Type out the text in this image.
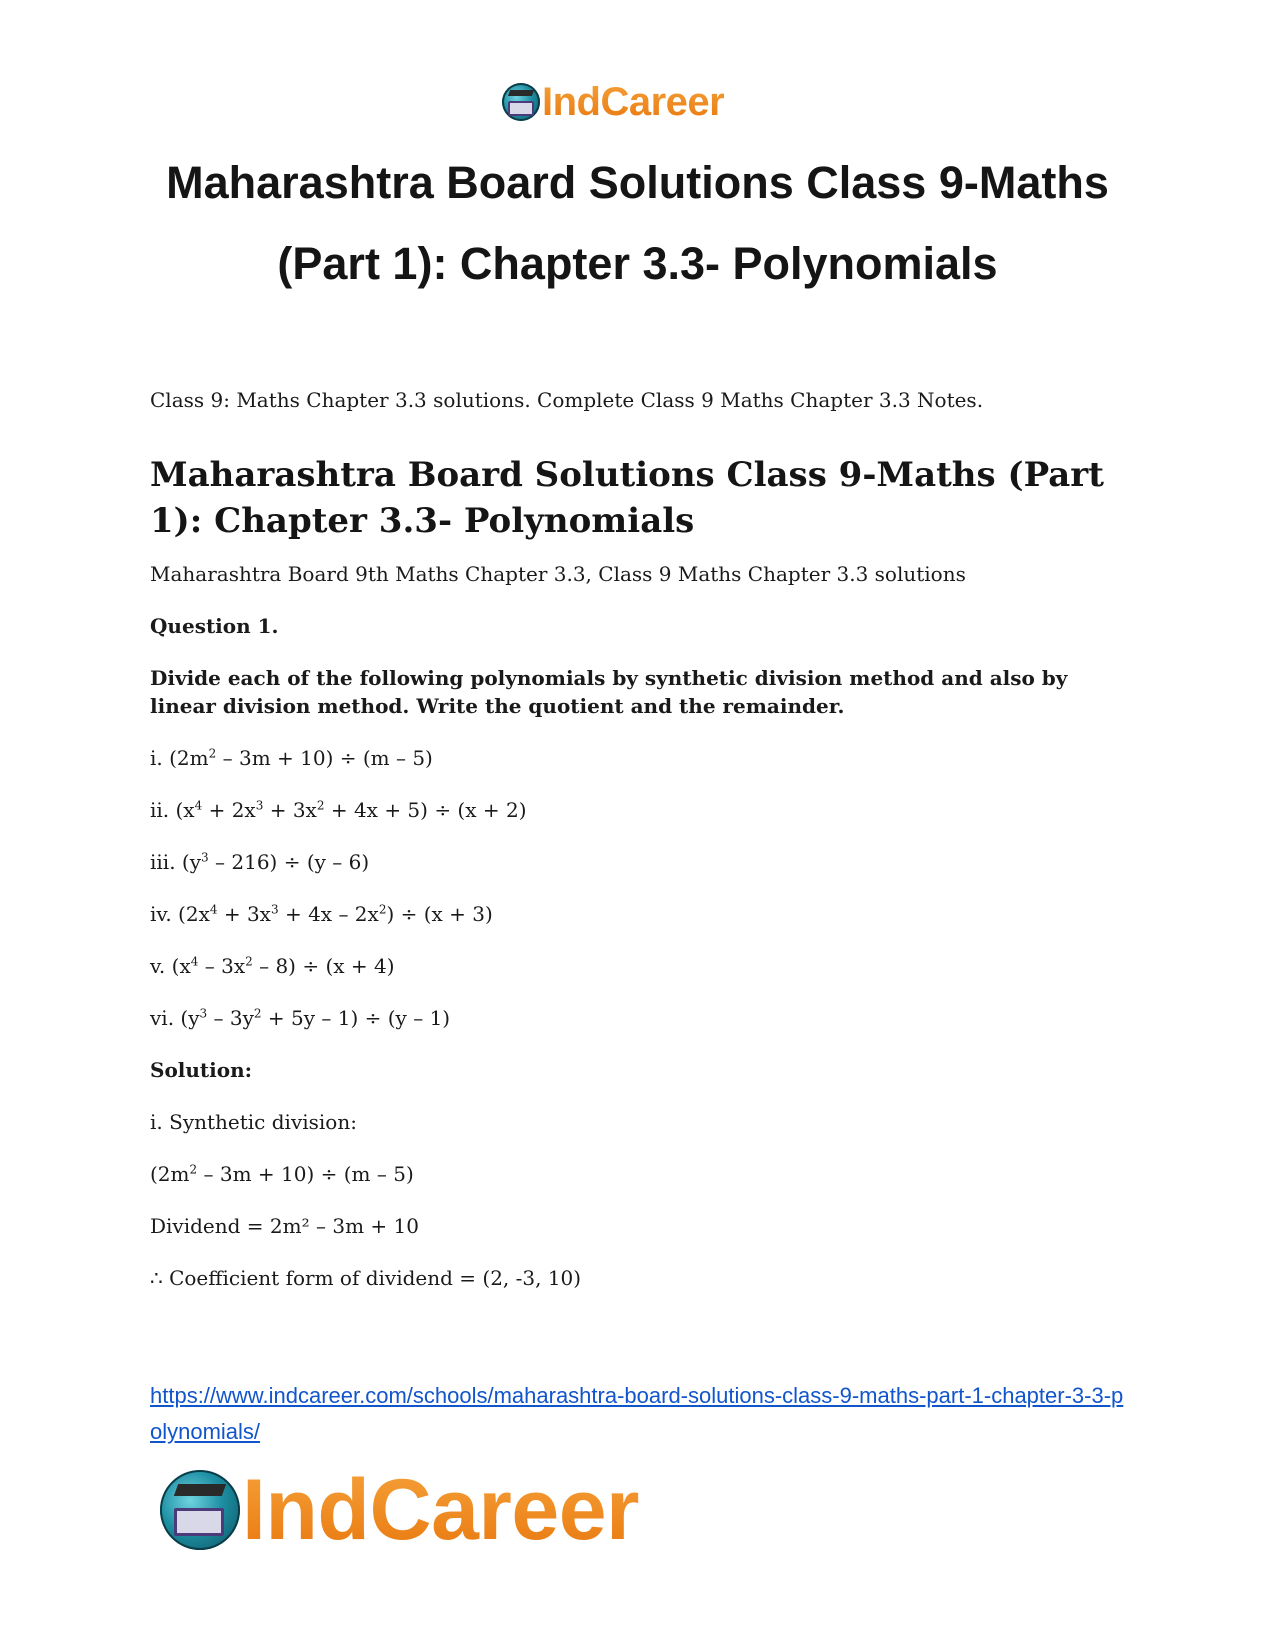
IndCareer
Maharashtra Board Solutions Class 9-Maths
(Part 1): Chapter 3.3- Polynomials
Class 9: Maths Chapter 3.3 solutions. Complete Class 9 Maths Chapter 3.3 Notes.
Maharashtra Board Solutions Class 9-Maths (Part 1): Chapter 3.3- Polynomials

Maharashtra Board 9th Maths Chapter 3.3, Class 9 Maths Chapter 3.3 solutions

Question 1.

Divide each of the following polynomials by synthetic division method and also by linear division method. Write the quotient and the remainder.

i. $(2m^2 - 3m + 10) \div (m - 5)$

ii. $(x^4 + 2x^3 + 3x^2 + 4x + 5) \div (x + 2)$

iii. $(y^3 - 216) \div (y - 6)$

iv. $(2x^4 + 3x^3 + 4x - 2x^2) \div (x + 3)$

v. $(x^4 - 3x^2 - 8) \div (x + 4)$

vi. $(y^3 - 3y^2 + 5y - 1) \div (y - 1)$

Solution:

i. Synthetic division:

$(2m^2 - 3m + 10) \div (m - 5)$

Dividend = 2m² – 3m + 10

∴ Coefficient form of dividend = (2, -3, 10)

https://www.indcareer.com/schools/maharashtra-board-solutions-class-9-maths-part-1-chapter-3-3-polynomials/
IndCareer
